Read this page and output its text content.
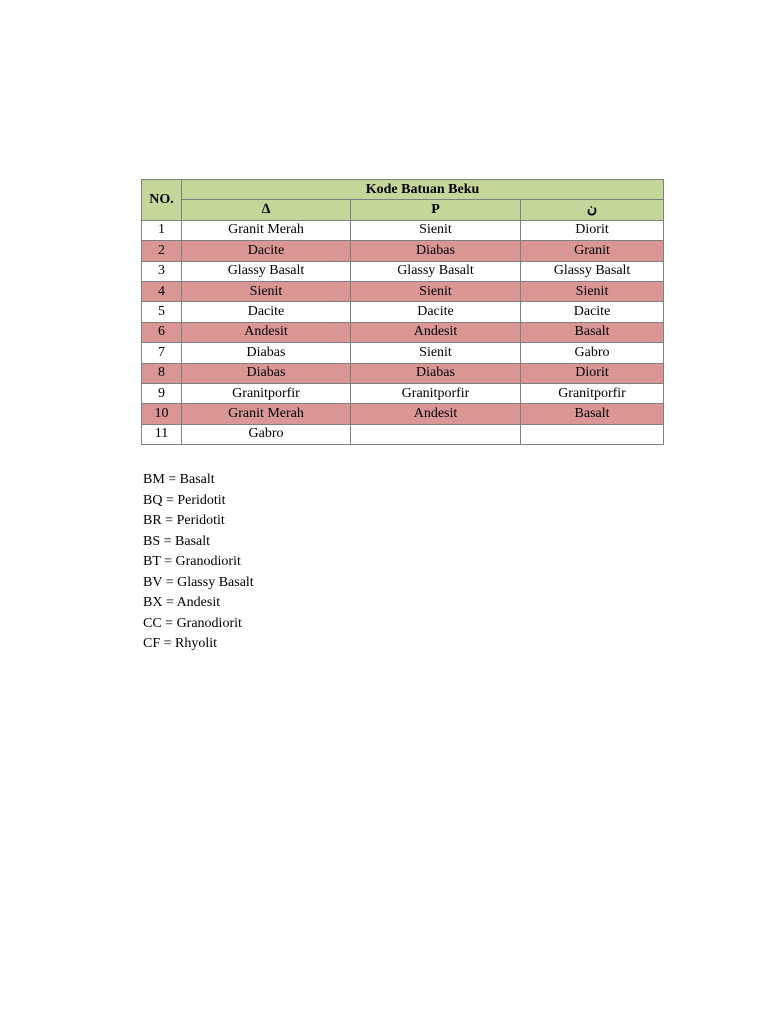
NO.	Kode Batuan Beku		
	∆	P	ن
1	Granit Merah	Sienit	Diorit
2	Dacite	Diabas	Granit
3	Glassy Basalt	Glassy Basalt	Glassy Basalt
4	Sienit	Sienit	Sienit
5	Dacite	Dacite	Dacite
6	Andesit	Andesit	Basalt
7	Diabas	Sienit	Gabro
8	Diabas	Diabas	Diorit
9	Granitporfir	Granitporfir	Granitporfir
10	Granit Merah	Andesit	Basalt
11	Gabro		
BM = Basalt
BQ = Peridotit
BR = Peridotit
BS = Basalt
BT = Granodiorit
BV = Glassy Basalt
BX = Andesit
CC = Granodiorit
CF = Rhyolit
